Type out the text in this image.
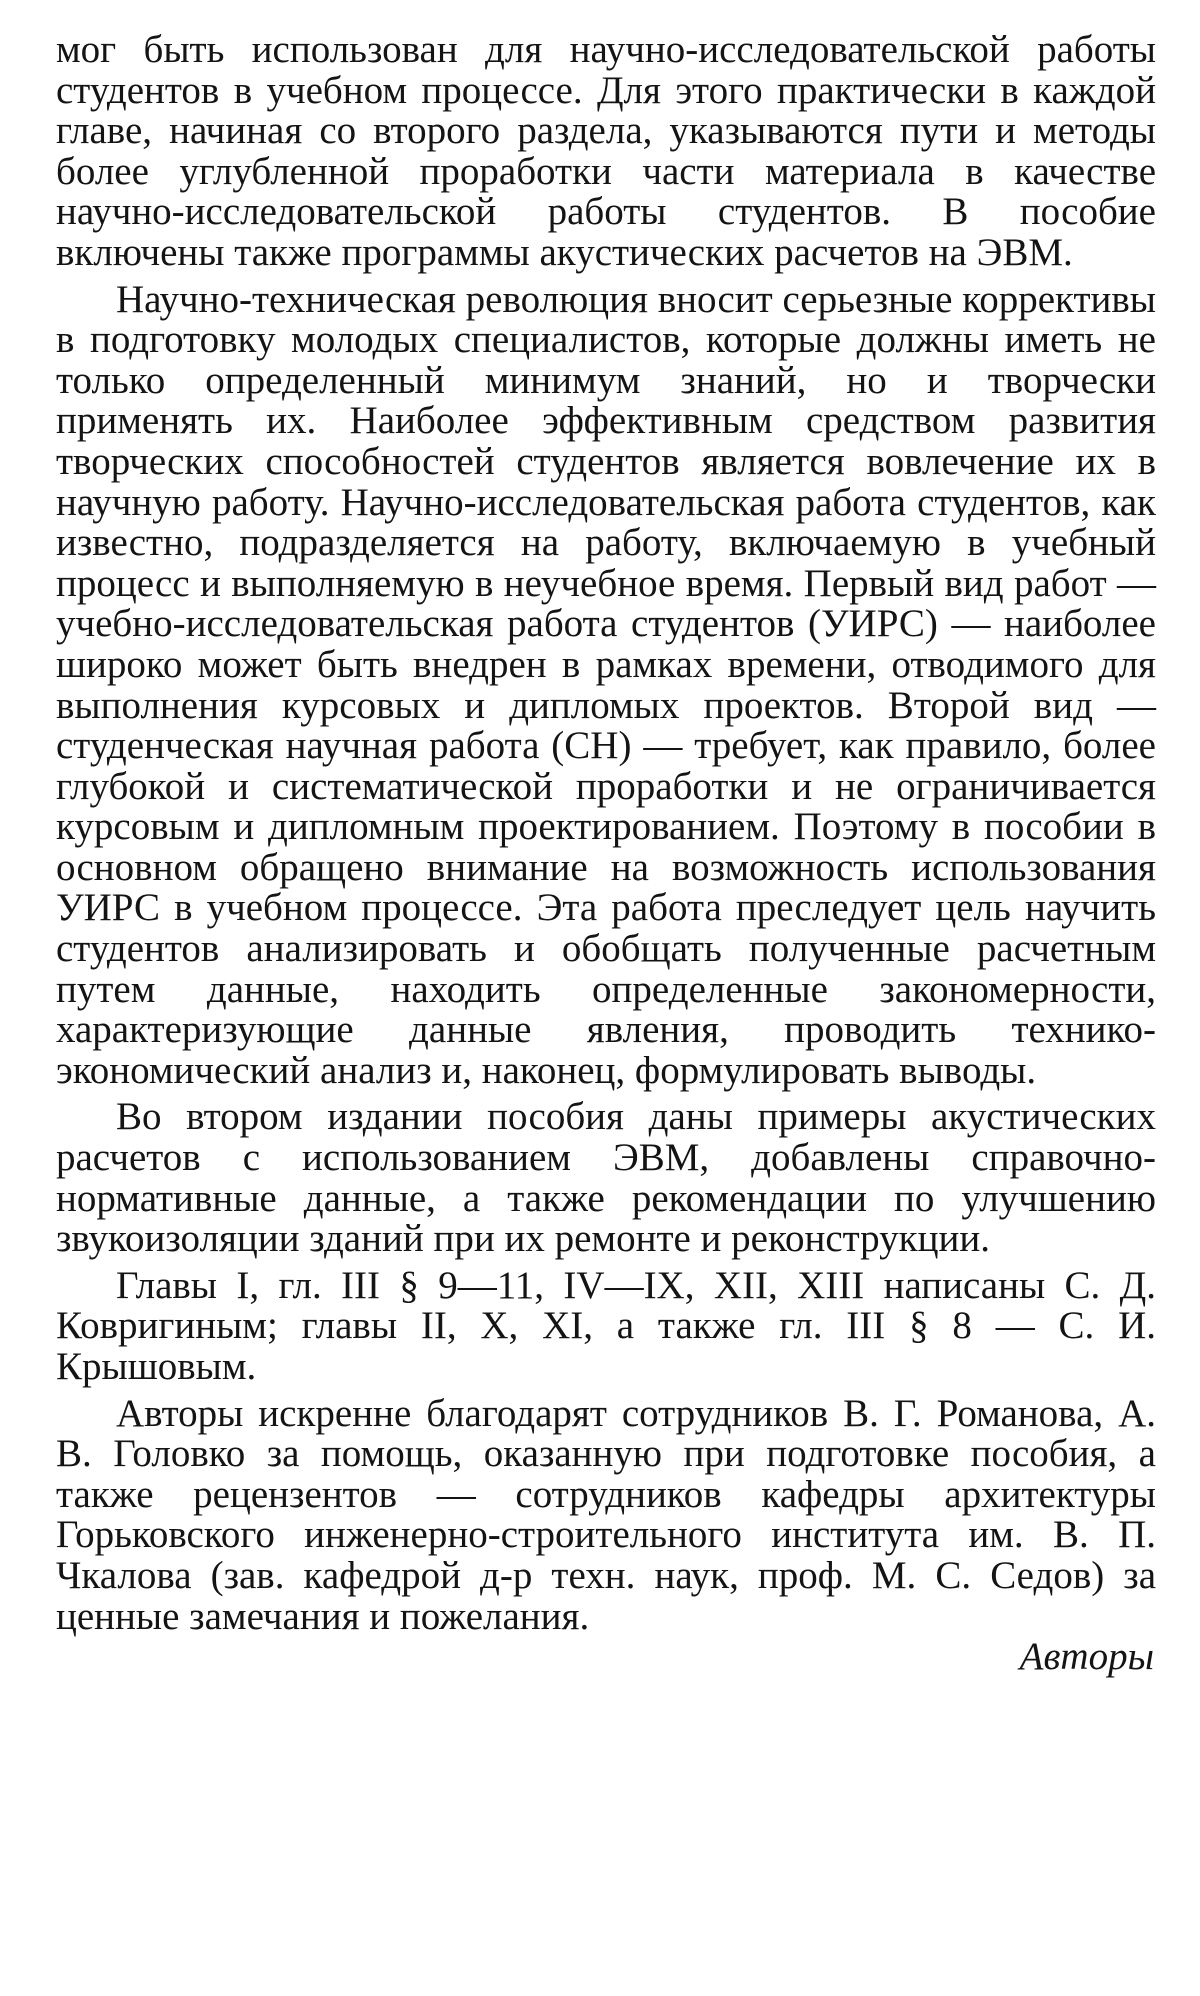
мог быть использован для научно-исследовательской работы студентов в учебном процессе. Для этого практически в каждой главе, начиная со второго раздела, указываются пути и методы более углубленной проработки части материала в качестве научно-исследовательской работы студентов. В пособие включены также программы акустических расчетов на ЭВМ.

Научно-техническая революция вносит серьезные коррективы в подготовку молодых специалистов, которые должны иметь не только определенный минимум знаний, но и творчески применять их. Наиболее эффективным средством развития творческих способностей студентов является вовлечение их в научную работу. Научно-исследовательская работа студентов, как известно, подразделяется на работу, включаемую в учебный процесс и выполняемую в неучебное время. Первый вид работ — учебно-исследовательская работа студентов (УИРС) — наиболее широко может быть внедрен в рамках времени, отводимого для выполнения курсовых и дипломых проектов. Второй вид — студенческая научная работа (СН) — требует, как правило, более глубокой и систематической проработки и не ограничивается курсовым и дипломным проектированием. Поэтому в пособии в основном обращено внимание на возможность использования УИРС в учебном процессе. Эта работа преследует цель научить студентов анализировать и обобщать полученные расчетным путем данные, находить определенные закономерности, характеризующие данные явления, проводить технико-экономический анализ и, наконец, формулировать выводы.

Во втором издании пособия даны примеры акустических расчетов с использованием ЭВМ, добавлены справочно-нормативные данные, а также рекомендации по улучшению звукоизоляции зданий при их ремонте и реконструкции.

Главы I, гл. III § 9—11, IV—IX, XII, XIII написаны С. Д. Ковригиным; главы II, X, XI, а также гл. III § 8 — С. И. Крышовым.

Авторы искренне благодарят сотрудников В. Г. Романова, А. В. Головко за помощь, оказанную при подготовке пособия, а также рецензентов — сотрудников кафедры архитектуры Горьковского инженерно-строительного института им. В. П. Чкалова (зав. кафедрой д-р техн. наук, проф. М. С. Седов) за ценные замечания и пожелания.

Авторы
